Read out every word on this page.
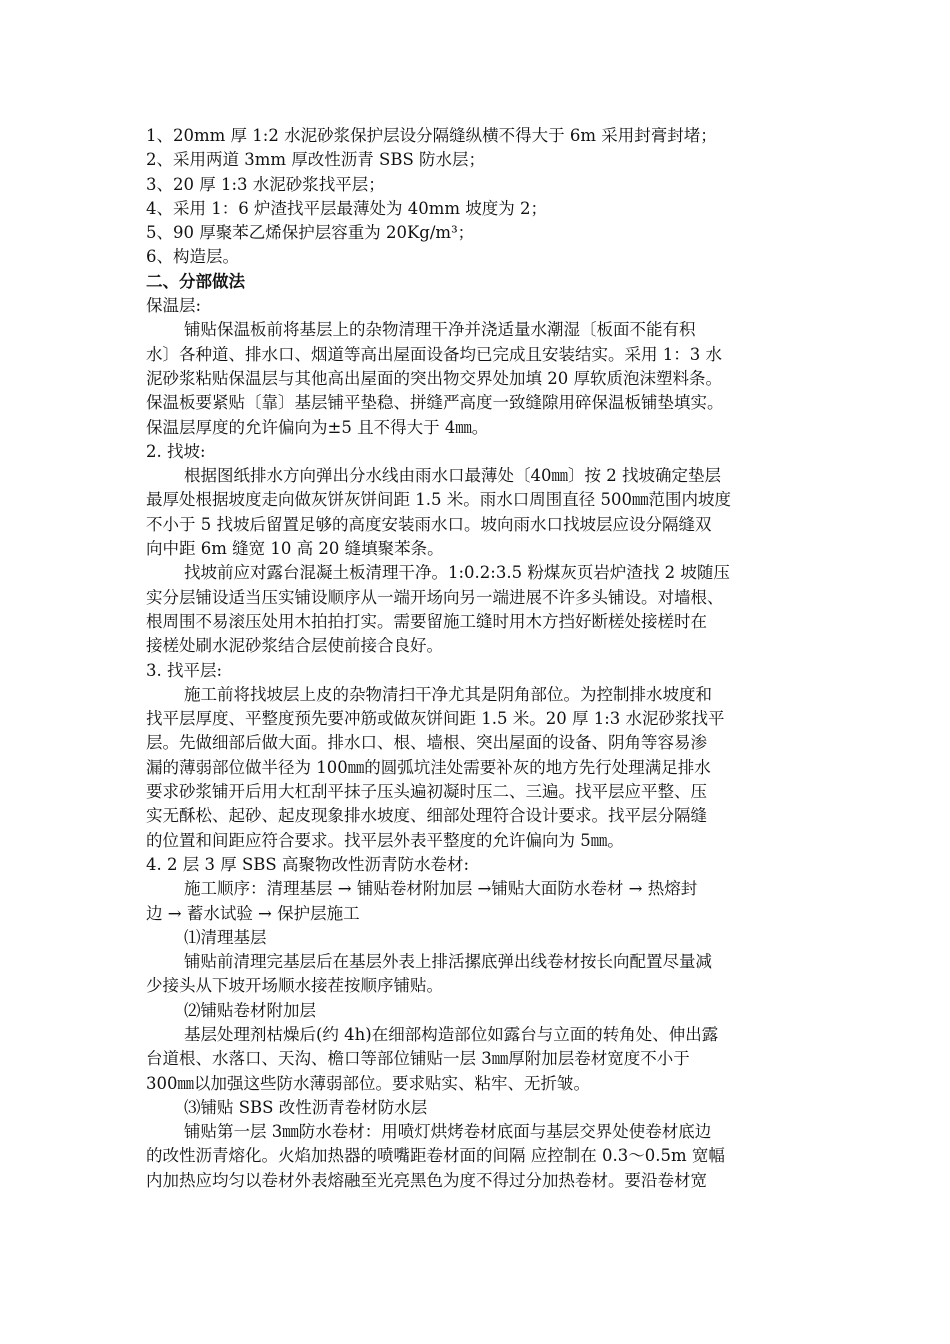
1、20mm 厚 1:2 水泥砂浆保护层设分隔缝纵横不得大于 6m 采用封膏封堵；
2、采用两道 3mm 厚改性沥青 SBS 防水层；
3、20 厚 1:3 水泥砂浆找平层；
4、采用 1：6 炉渣找平层最薄处为 40mm 坡度为 2；
5、90 厚聚苯乙烯保护层容重为 20Kg/m³；
6、构造层。
二、分部做法
保温层:
铺贴保温板前将基层上的杂物清理干净并浇适量水潮湿〔板面不能有积
水〕各种道、排水口、烟道等高出屋面设备均已完成且安装结实。采用 1：3 水
泥砂浆粘贴保温层与其他高出屋面的突出物交界处加填 20 厚软质泡沫塑料条。
保温板要紧贴〔靠〕基层铺平垫稳、拼缝严高度一致缝隙用碎保温板铺垫填实。
保温层厚度的允许偏向为±5 且不得大于 4㎜。
2. 找坡:
根据图纸排水方向弹出分水线由雨水口最薄处〔40㎜〕按 2 找坡确定垫层
最厚处根据坡度走向做灰饼灰饼间距 1.5 米。雨水口周围直径 500㎜范围内坡度
不小于 5 找坡后留置足够的高度安装雨水口。坡向雨水口找坡层应设分隔缝双
向中距 6m 缝宽 10 高 20 缝填聚苯条。
找坡前应对露台混凝土板清理干净。1:0.2:3.5 粉煤灰页岩炉渣找 2 坡随压
实分层铺设适当压实铺设顺序从一端开场向另一端进展不许多头铺设。对墙根、
根周围不易滚压处用木拍拍打实。需要留施工缝时用木方挡好断槎处接槎时在
接槎处刷水泥砂浆结合层使前接合良好。
3. 找平层:
施工前将找坡层上皮的杂物清扫干净尤其是阴角部位。为控制排水坡度和
找平层厚度、平整度预先要冲筋或做灰饼间距 1.5 米。20 厚 1:3 水泥砂浆找平
层。先做细部后做大面。排水口、根、墙根、突出屋面的设备、阴角等容易渗
漏的薄弱部位做半径为 100㎜的圆弧坑洼处需要补灰的地方先行处理满足排水
要求砂浆铺开后用大杠刮平抹子压头遍初凝时压二、三遍。找平层应平整、压
实无酥松、起砂、起皮现象排水坡度、细部处理符合设计要求。找平层分隔缝
的位置和间距应符合要求。找平层外表平整度的允许偏向为 5㎜。
4. 2 层 3 厚 SBS 高聚物改性沥青防水卷材:
施工顺序：清理基层 → 铺贴卷材附加层 →铺贴大面防水卷材 → 热熔封
边 → 蓄水试验 → 保护层施工
⑴清理基层
铺贴前清理完基层后在基层外表上排活摞底弹出线卷材按长向配置尽量减
少接头从下坡开场顺水接茬按顺序铺贴。
⑵铺贴卷材附加层
基层处理剂枯燥后(约 4h)在细部构造部位如露台与立面的转角处、伸出露
台道根、水落口、天沟、檐口等部位铺贴一层 3㎜厚附加层卷材宽度不小于
300㎜以加强这些防水薄弱部位。要求贴实、粘牢、无折皱。
⑶铺贴 SBS 改性沥青卷材防水层
铺贴第一层 3㎜防水卷材：用喷灯烘烤卷材底面与基层交界处使卷材底边
的改性沥青熔化。火焰加热器的喷嘴距卷材面的间隔 应控制在 0.3～0.5m 宽幅
内加热应均匀以卷材外表熔融至光亮黑色为度不得过分加热卷材。要沿卷材宽
